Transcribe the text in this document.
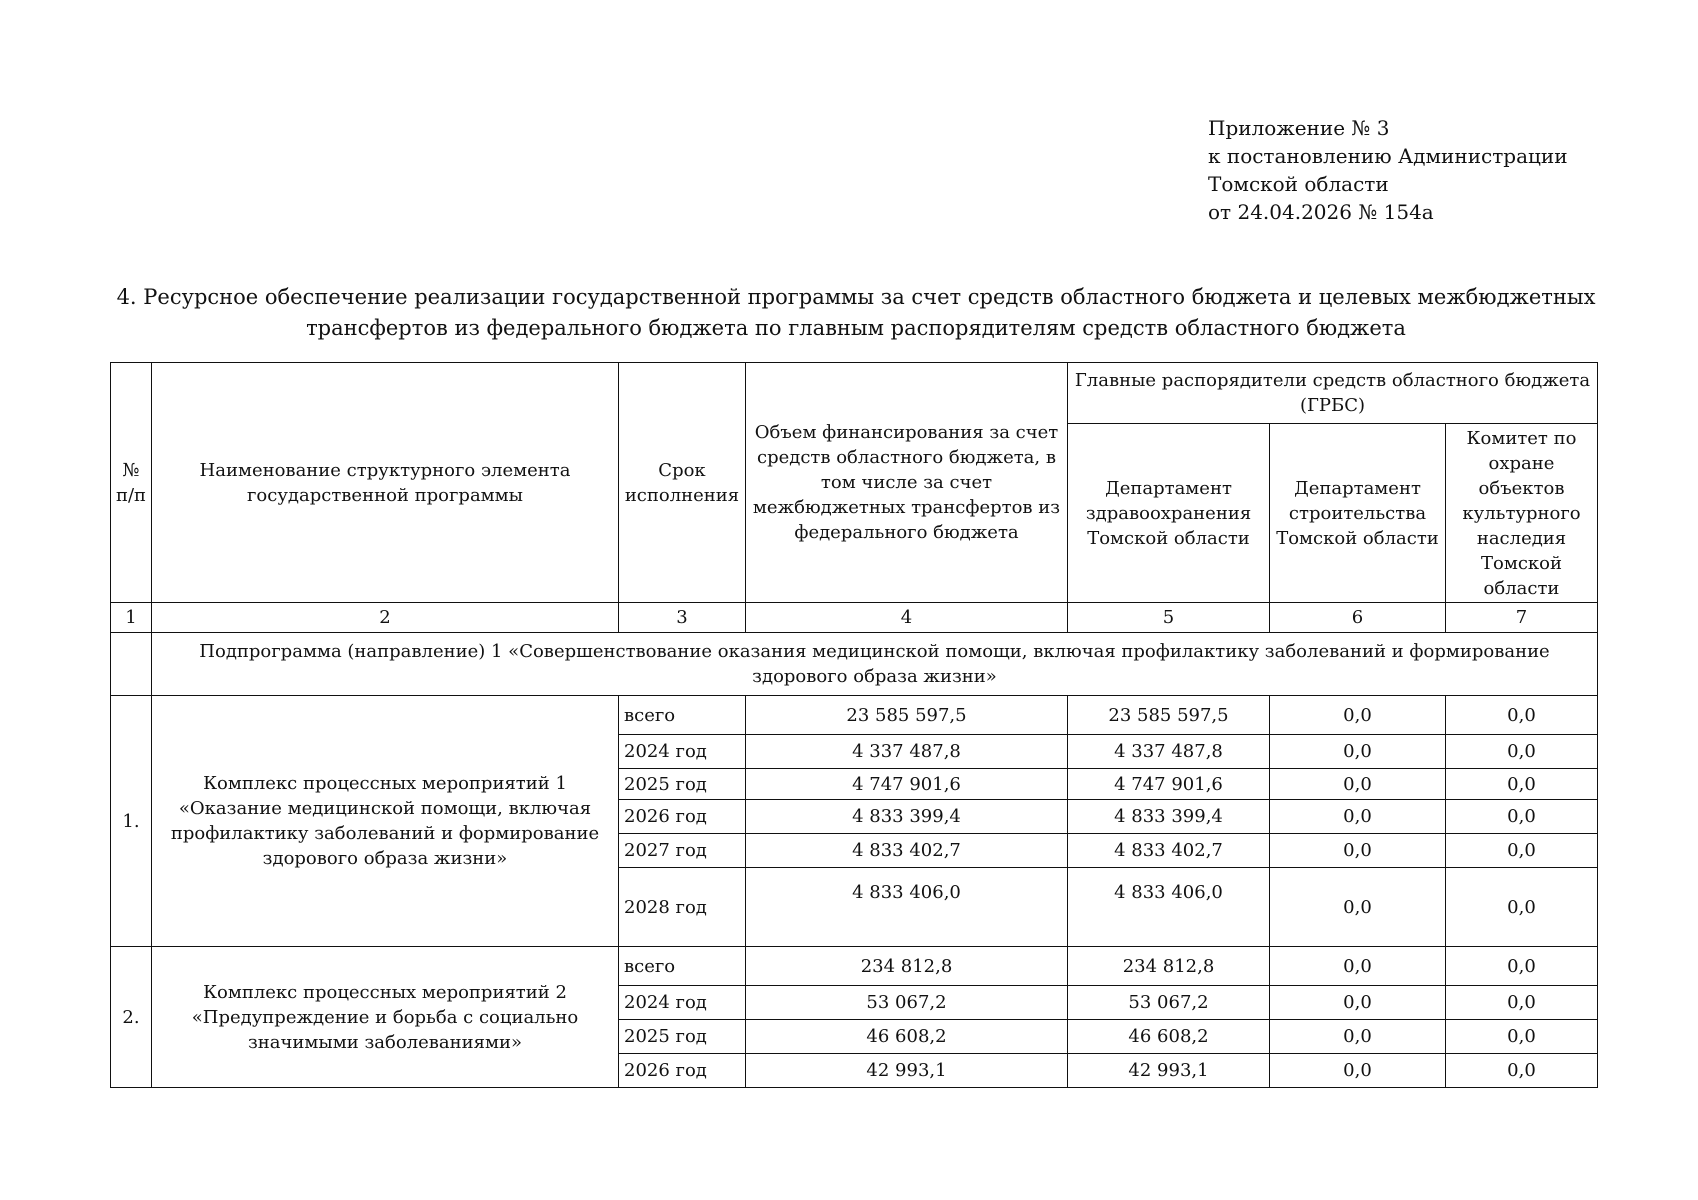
Приложение № 3
к постановлению Администрации
Томской области
от 24.04.2026 № 154а
4. Ресурсное обеспечение реализации государственной программы за счет средств областного бюджета и целевых межбюджетных
трансфертов из федерального бюджета по главным распорядителям средств областного бюджета
№ п/п	Наименование структурного элемента государственной программы	Срок исполнения	Объем финансирования за счет средств областного бюджета, в том числе за счет межбюджетных трансфертов из федерального бюджета	Главные распорядители средств областного бюджета (ГРБС)		
				Департамент здравоохранения Томской области	Департамент строительства Томской области	Комитет по охране объектов культурного наследия Томской области
1	2	3	4	5	6	7
	Подпрограмма (направление) 1 «Совершенствование оказания медицинской помощи, включая профилактику заболеваний и формирование здорового образа жизни»					
1.	Комплекс процессных мероприятий 1 «Оказание медицинской помощи, включая профилактику заболеваний и формирование здорового образа жизни»	всего	23 585 597,5	23 585 597,5	0,0	0,0
		2024 год	4 337 487,8	4 337 487,8	0,0	0,0
		2025 год	4 747 901,6	4 747 901,6	0,0	0,0
		2026 год	4 833 399,4	4 833 399,4	0,0	0,0
		2027 год	4 833 402,7	4 833 402,7	0,0	0,0
		2028 год	4 833 406,0	4 833 406,0	0,0	0,0
2.	Комплекс процессных мероприятий 2 «Предупреждение и борьба с социально значимыми заболеваниями»	всего	234 812,8	234 812,8	0,0	0,0
		2024 год	53 067,2	53 067,2	0,0	0,0
		2025 год	46 608,2	46 608,2	0,0	0,0
		2026 год	42 993,1	42 993,1	0,0	0,0
